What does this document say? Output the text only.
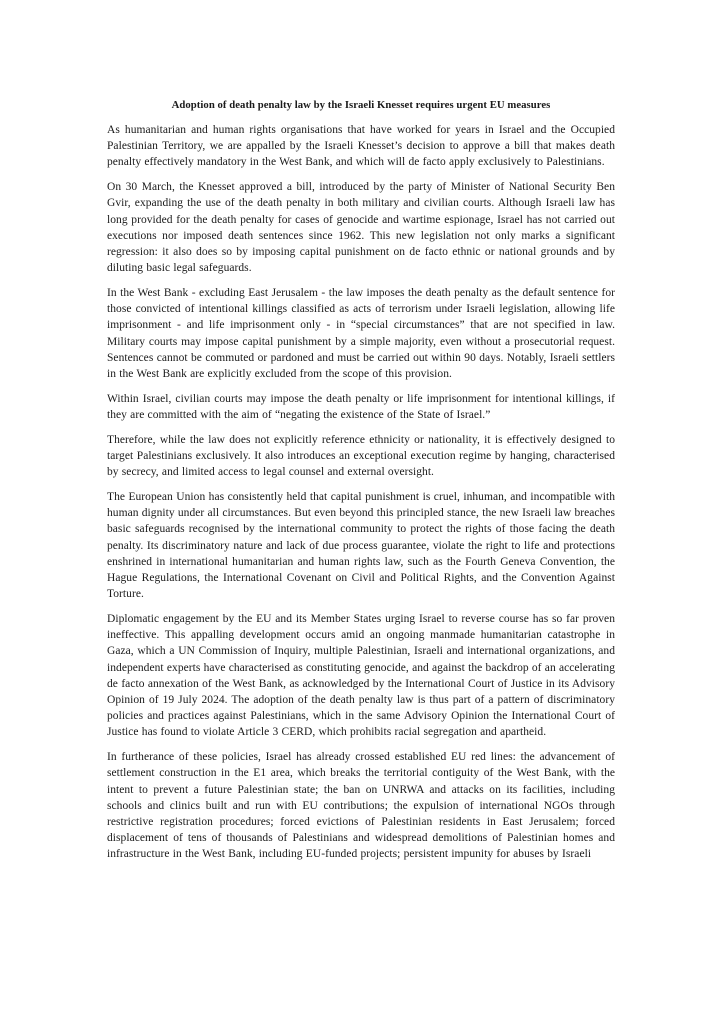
Adoption of death penalty law by the Israeli Knesset requires urgent EU measures

As humanitarian and human rights organisations that have worked for years in Israel and the Occupied Palestinian Territory, we are appalled by the Israeli Knesset’s decision to approve a bill that makes death penalty effectively mandatory in the West Bank, and which will de facto apply exclusively to Palestinians.

On 30 March, the Knesset approved a bill, introduced by the party of Minister of National Security Ben Gvir, expanding the use of the death penalty in both military and civilian courts. Although Israeli law has long provided for the death penalty for cases of genocide and wartime espionage, Israel has not carried out executions nor imposed death sentences since 1962. This new legislation not only marks a significant regression: it also does so by imposing capital punishment on de facto ethnic or national grounds and by diluting basic legal safeguards.

In the West Bank - excluding East Jerusalem - the law imposes the death penalty as the default sentence for those convicted of intentional killings classified as acts of terrorism under Israeli legislation, allowing life imprisonment - and life imprisonment only - in “special circumstances” that are not specified in law. Military courts may impose capital punishment by a simple majority, even without a prosecutorial request. Sentences cannot be commuted or pardoned and must be carried out within 90 days. Notably, Israeli settlers in the West Bank are explicitly excluded from the scope of this provision.

Within Israel, civilian courts may impose the death penalty or life imprisonment for intentional killings, if they are committed with the aim of “negating the existence of the State of Israel.”

Therefore, while the law does not explicitly reference ethnicity or nationality, it is effectively designed to target Palestinians exclusively. It also introduces an exceptional execution regime by hanging, characterised by secrecy, and limited access to legal counsel and external oversight.

The European Union has consistently held that capital punishment is cruel, inhuman, and incompatible with human dignity under all circumstances. But even beyond this principled stance, the new Israeli law breaches basic safeguards recognised by the international community to protect the rights of those facing the death penalty. Its discriminatory nature and lack of due process guarantee, violate the right to life and protections enshrined in international humanitarian and human rights law, such as the Fourth Geneva Convention, the Hague Regulations, the International Covenant on Civil and Political Rights, and the Convention Against Torture.

Diplomatic engagement by the EU and its Member States urging Israel to reverse course has so far proven ineffective. This appalling development occurs amid an ongoing manmade humanitarian catastrophe in Gaza, which a UN Commission of Inquiry, multiple Palestinian, Israeli and international organizations, and independent experts have characterised as constituting genocide, and against the backdrop of an accelerating de facto annexation of the West Bank, as acknowledged by the International Court of Justice in its Advisory Opinion of 19 July 2024. The adoption of the death penalty law is thus part of a pattern of discriminatory policies and practices against Palestinians, which in the same Advisory Opinion the International Court of Justice has found to violate Article 3 CERD, which prohibits racial segregation and apartheid.

In furtherance of these policies, Israel has already crossed established EU red lines: the advancement of settlement construction in the E1 area, which breaks the territorial contiguity of the West Bank, with the intent to prevent a future Palestinian state; the ban on UNRWA and attacks on its facilities, including schools and clinics built and run with EU contributions; the expulsion of international NGOs through restrictive registration procedures; forced evictions of Palestinian residents in East Jerusalem; forced displacement of tens of thousands of Palestinians and widespread demolitions of Palestinian homes and infrastructure in the West Bank, including EU-funded projects; persistent impunity for abuses by Israeli
